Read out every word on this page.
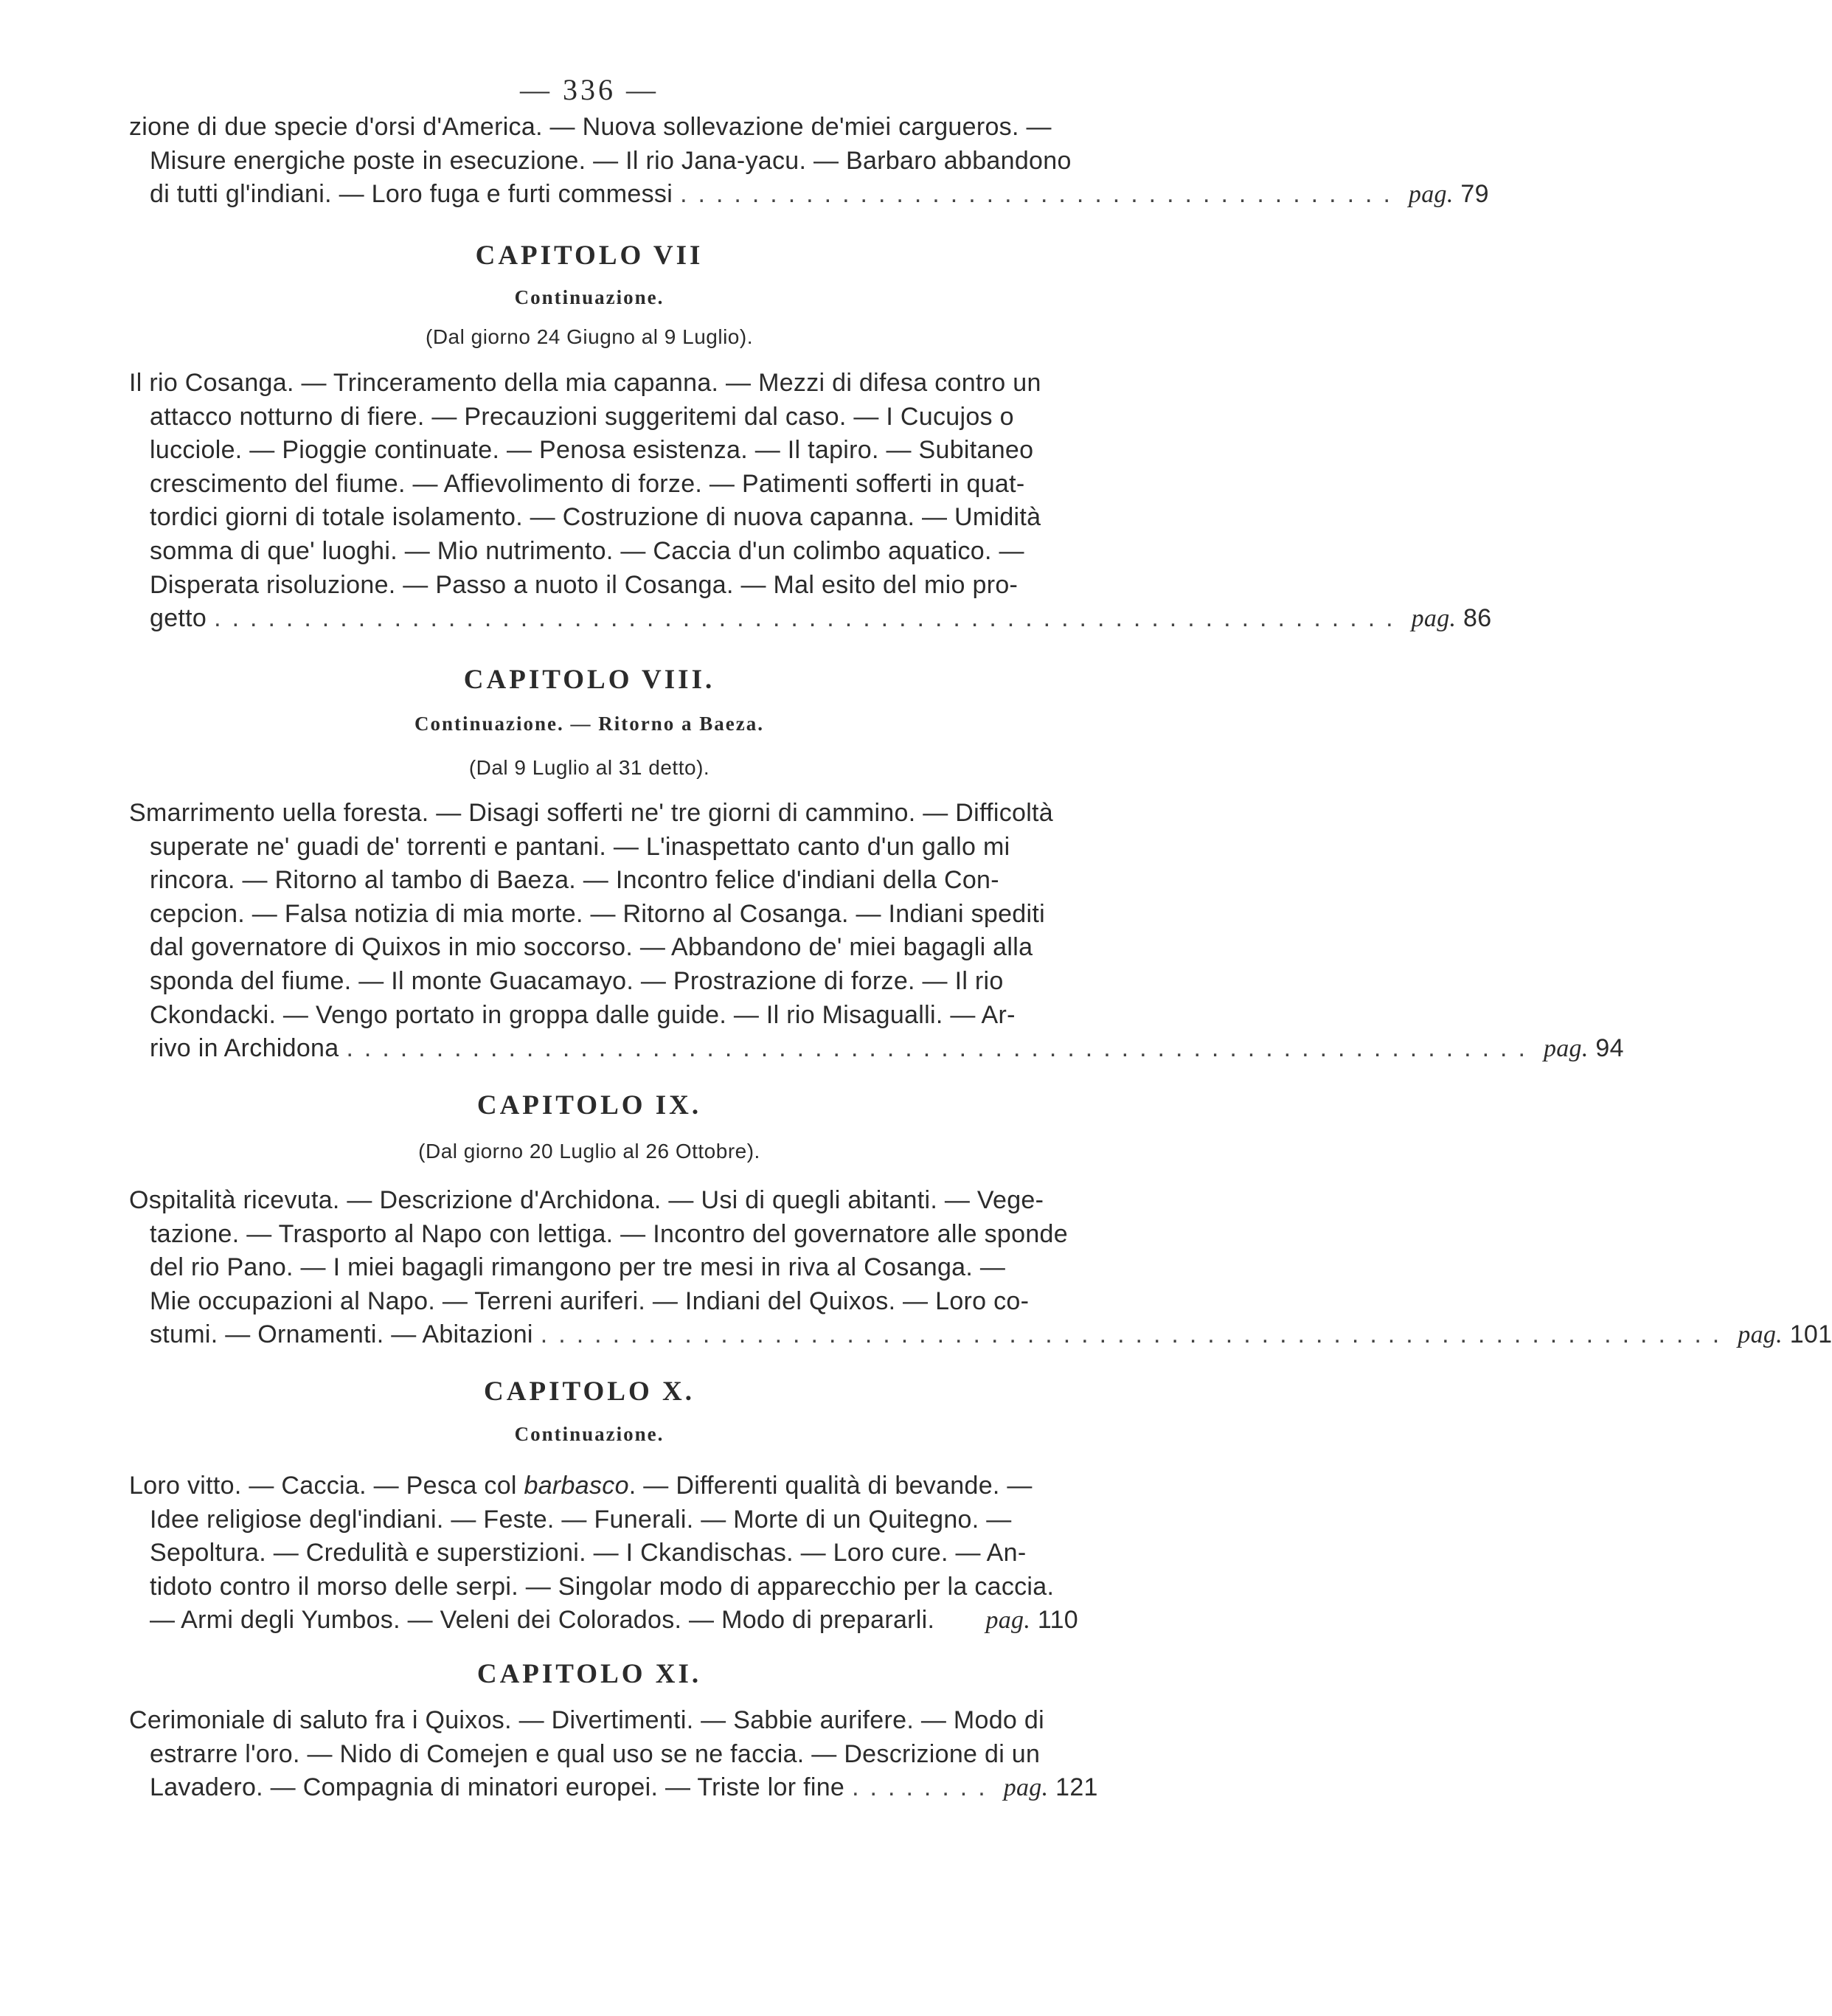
— 336 —
zione di due specie d'orsi d'America. — Nuova sollevazione de'miei cargueros. —
Misure energiche poste in esecuzione. — Il rio Jana-yacu. — Barbaro abbandono
di tutti gl'indiani. — Loro fuga e furti commessi ........................................ pag. 79
CAPITOLO VII
Continuazione.
(Dal giorno 24 Giugno al 9 Luglio).
Il rio Cosanga. — Trinceramento della mia capanna. — Mezzi di difesa contro un
attacco notturno di fiere. — Precauzioni suggeritemi dal caso. — I Cucujos o
lucciole. — Pioggie continuate. — Penosa esistenza. — Il tapiro. — Subitaneo
crescimento del fiume. — Affievolimento di forze. — Patimenti sofferti in quat-
tordici giorni di totale isolamento. — Costruzione di nuova capanna. — Umidità
somma di que' luoghi. — Mio nutrimento. — Caccia d'un colimbo aquatico. —
Disperata risoluzione. — Passo a nuoto il Cosanga. — Mal esito del mio pro-
getto .................................................................. pag. 86
CAPITOLO VIII.
Continuazione. — Ritorno a Baeza.
(Dal 9 Luglio al 31 detto).
Smarrimento uella foresta. — Disagi sofferti ne' tre giorni di cammino. — Difficoltà
superate ne' guadi de' torrenti e pantani. — L'inaspettato canto d'un gallo mi
rincora. — Ritorno al tambo di Baeza. — Incontro felice d'indiani della Con-
cepcion. — Falsa notizia di mia morte. — Ritorno al Cosanga. — Indiani spediti
dal governatore di Quixos in mio soccorso. — Abbandono de' miei bagagli alla
sponda del fiume. — Il monte Guacamayo. — Prostrazione di forze. — Il rio
Ckondacki. — Vengo portato in groppa dalle guide. — Il rio Misagualli. — Ar-
rivo in Archidona .................................................................. pag. 94
CAPITOLO IX.
(Dal giorno 20 Luglio al 26 Ottobre).
Ospitalità ricevuta. — Descrizione d'Archidona. — Usi di quegli abitanti. — Vege-
tazione. — Trasporto al Napo con lettiga. — Incontro del governatore alle sponde
del rio Pano. — I miei bagagli rimangono per tre mesi in riva al Cosanga. —
Mie occupazioni al Napo. — Terreni auriferi. — Indiani del Quixos. — Loro co-
stumi. — Ornamenti. — Abitazioni .................................................................. pag. 101
CAPITOLO X.
Continuazione.
Loro vitto. — Caccia. — Pesca col barbasco. — Differenti qualità di bevande. —
Idee religiose degl'indiani. — Feste. — Funerali. — Morte di un Quitegno. —
Sepoltura. — Credulità e superstizioni. — I Ckandischas. — Loro cure. — An-
tidoto contro il morso delle serpi. — Singolar modo di apparecchio per la caccia.
— Armi degli Yumbos. — Veleni dei Colorados. — Modo di prepararli. pag. 110
CAPITOLO XI.
Cerimoniale di saluto fra i Quixos. — Divertimenti. — Sabbie aurifere. — Modo di
estrarre l'oro. — Nido di Comejen e qual uso se ne faccia. — Descrizione di un
Lavadero. — Compagnia di minatori europei. — Triste lor fine ........ pag. 121
